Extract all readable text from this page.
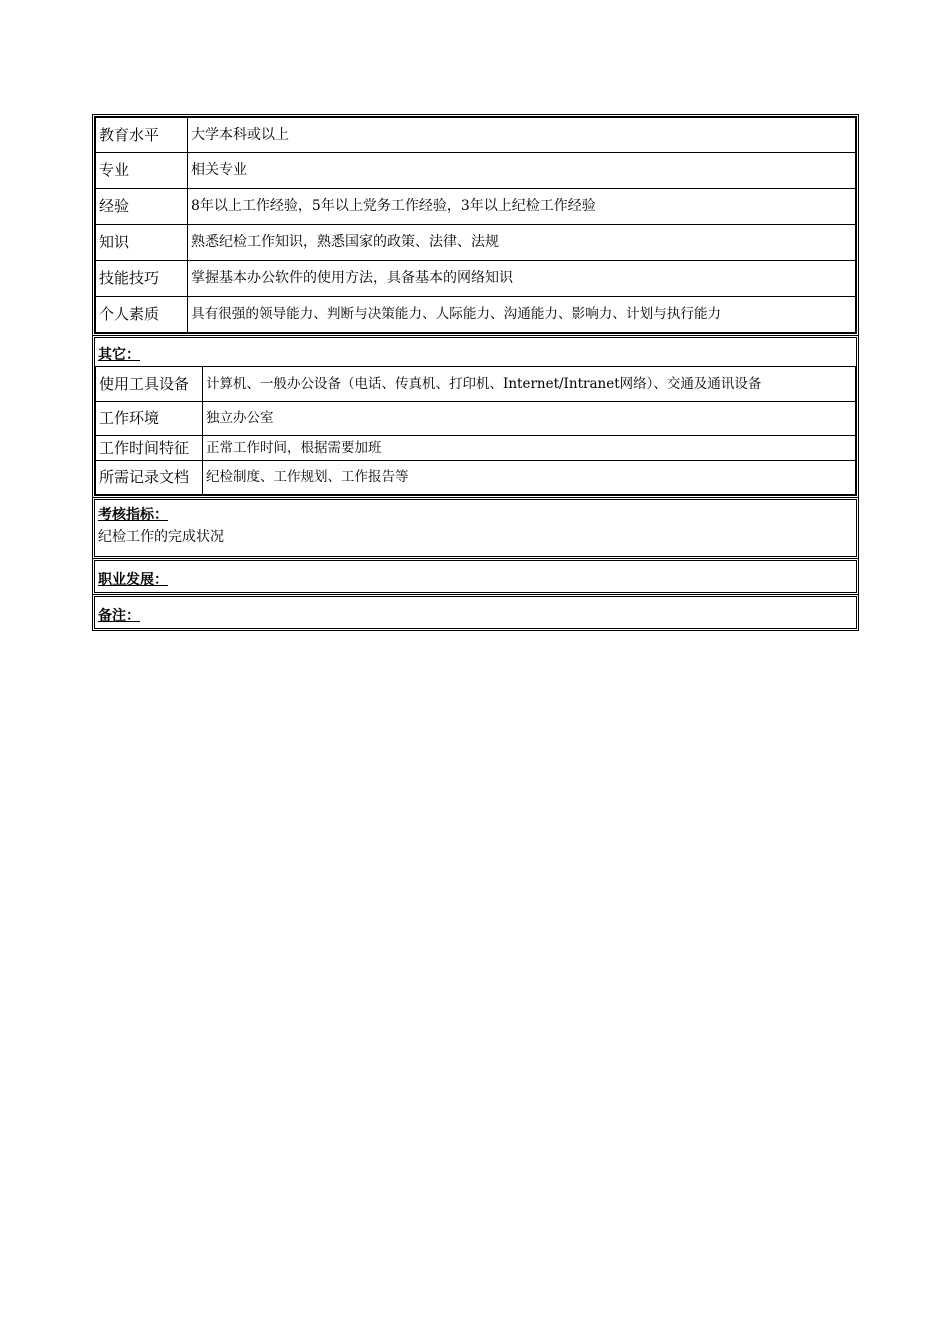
教育水平	大学本科或以上
专业	相关专业
经验	8年以上工作经验，5年以上党务工作经验，3年以上纪检工作经验
知识	熟悉纪检工作知识，熟悉国家的政策、法律、法规
技能技巧	掌握基本办公软件的使用方法，具备基本的网络知识
个人素质	具有很强的领导能力、判断与决策能力、人际能力、沟通能力、影响力、计划与执行能力
其它：
使用工具设备	计算机、一般办公设备（电话、传真机、打印机、Internet/Intranet网络）、交通及通讯设备
工作环境	独立办公室
工作时间特征	正常工作时间，根据需要加班
所需记录文档	纪检制度、工作规划、工作报告等
考核指标：
纪检工作的完成状况
职业发展：
备注：
